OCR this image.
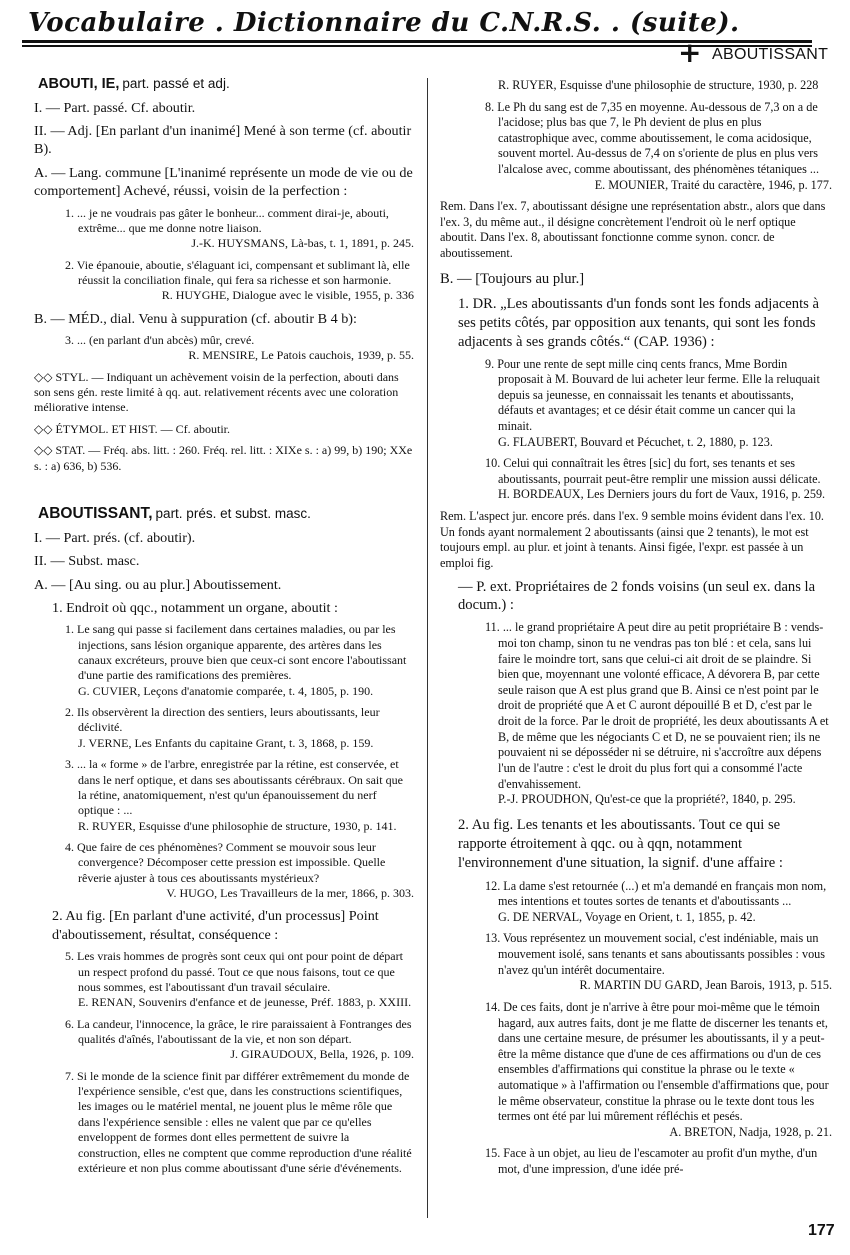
Vocabulaire . Dictionnaire du C.N.R.S. . (suite).
+ ABOUTISSANT
ABOUTI, IE, part. passé et adj.
I. — Part. passé. Cf. aboutir.
II. — Adj. [En parlant d'un inanimé] Mené à son terme (cf. aboutir B).
A. — Lang. commune [L'inanimé représente un mode de vie ou de comportement] Achevé, réussi, voisin de la perfection :
1. ... je ne voudrais pas gâter le bonheur... comment dirai-je, abouti, extrême... que me donne notre liaison.
J.-K. HUYSMANS, Là-bas, t. 1, 1891, p. 245.
2. Vie épanouie, aboutie, s'élaguant ici, compensant et sublimant là, elle réussit la conciliation finale, qui fera sa richesse et son harmonie.
R. HUYGHE, Dialogue avec le visible, 1955, p. 336
B. — MÉD., dial. Venu à suppuration (cf. aboutir B 4 b):
3. ... (en parlant d'un abcès) mûr, crevé.
R. MENSIRE, Le Patois cauchois, 1939, p. 55.
◇◇ STYL. — Indiquant un achèvement voisin de la perfection, abouti dans son sens gén. reste limité à qq. aut. relativement récents avec une coloration méliorative intense.
◇◇ ÉTYMOL. ET HIST. — Cf. aboutir.
◇◇ STAT. — Fréq. abs. litt. : 260. Fréq. rel. litt. : XIXe s. : a) 99, b) 190; XXe s. : a) 636, b) 536.
ABOUTISSANT, part. prés. et subst. masc.
I. — Part. prés. (cf. aboutir).
II. — Subst. masc.
A. — [Au sing. ou au plur.] Aboutissement.
1. Endroit où qqc., notamment un organe, aboutit :
1. Le sang qui passe si facilement dans certaines maladies, ou par les injections, sans lésion organique apparente, des artères dans les canaux excréteurs, prouve bien que ceux-ci sont encore l'aboutissant d'une partie des ramifications des premières.
G. CUVIER, Leçons d'anatomie comparée, t. 4, 1805, p. 190.
2. Ils observèrent la direction des sentiers, leurs aboutissants, leur déclivité.
J. VERNE, Les Enfants du capitaine Grant, t. 3, 1868, p. 159.
3. ... la « forme » de l'arbre, enregistrée par la rétine, est conservée, et dans le nerf optique, et dans ses aboutissants cérébraux. On sait que la rétine, anatomiquement, n'est qu'un épanouissement du nerf optique : ...
R. RUYER, Esquisse d'une philosophie de structure, 1930, p. 141.
4. Que faire de ces phénomènes? Comment se mouvoir sous leur convergence? Décomposer cette pression est impossible. Quelle rêverie ajuster à tous ces aboutissants mystérieux?
V. HUGO, Les Travailleurs de la mer, 1866, p. 303.
2. Au fig. [En parlant d'une activité, d'un processus] Point d'aboutissement, résultat, conséquence :
5. Les vrais hommes de progrès sont ceux qui ont pour point de départ un respect profond du passé. Tout ce que nous faisons, tout ce que nous sommes, est l'aboutissant d'un travail séculaire.
E. RENAN, Souvenirs d'enfance et de jeunesse, Préf. 1883, p. XXIII.
6. La candeur, l'innocence, la grâce, le rire paraissaient à Fontranges des qualités d'aînés, l'aboutissant de la vie, et non son départ.
J. GIRAUDOUX, Bella, 1926, p. 109.
7. Si le monde de la science finit par différer extrêmement du monde de l'expérience sensible, c'est que, dans les constructions scientifiques, les images ou le matériel mental, ne jouent plus le même rôle que dans l'expérience sensible : elles ne valent que par ce qu'elles enveloppent de formes dont elles permettent de suivre la construction, elles ne comptent que comme reproduction d'une réalité extérieure et non plus comme aboutissant d'une série d'événements.
R. RUYER, Esquisse d'une philosophie de structure, 1930, p. 228
8. Le Ph du sang est de 7,35 en moyenne. Au-dessous de 7,3 on a de l'acidose; plus bas que 7, le Ph devient de plus en plus catastrophique avec, comme aboutissement, le coma acidosique, souvent mortel. Au-dessus de 7,4 on s'oriente de plus en plus vers l'alcalose avec, comme aboutissant, des phénomènes tétaniques ...
E. MOUNIER, Traité du caractère, 1946, p. 177.
Rem. Dans l'ex. 7, aboutissant désigne une représentation abstr., alors que dans l'ex. 3, du même aut., il désigne concrètement l'endroit où le nerf optique aboutit. Dans l'ex. 8, aboutissant fonctionne comme synon. concr. de aboutissement.
B. — [Toujours au plur.]
1. DR. „Les aboutissants d'un fonds sont les fonds adjacents à ses petits côtés, par opposition aux tenants, qui sont les fonds adjacents à ses grands côtés.“ (CAP. 1936) :
9. Pour une rente de sept mille cinq cents francs, Mme Bordin proposait à M. Bouvard de lui acheter leur ferme. Elle la reluquait depuis sa jeunesse, en connaissait les tenants et aboutissants, défauts et avantages; et ce désir était comme un cancer qui la minait.
G. FLAUBERT, Bouvard et Pécuchet, t. 2, 1880, p. 123.
10. Celui qui connaîtrait les êtres [sic] du fort, ses tenants et ses aboutissants, pourrait peut-être remplir une mission aussi délicate.
H. BORDEAUX, Les Derniers jours du fort de Vaux, 1916, p. 259.
Rem. L'aspect jur. encore prés. dans l'ex. 9 semble moins évident dans l'ex. 10. Un fonds ayant normalement 2 aboutissants (ainsi que 2 tenants), le mot est toujours empl. au plur. et joint à tenants. Ainsi figée, l'expr. est passée à un emploi fig.
— P. ext. Propriétaires de 2 fonds voisins (un seul ex. dans la docum.) :
11. ... le grand propriétaire A peut dire au petit propriétaire B : vends-moi ton champ, sinon tu ne vendras pas ton blé : et cela, sans lui faire le moindre tort, sans que celui-ci ait droit de se plaindre. Si bien que, moyennant une volonté efficace, A dévorera B, par cette seule raison que A est plus grand que B. Ainsi ce n'est point par le droit de propriété que A et C auront dépouillé B et D, c'est par le droit de la force. Par le droit de propriété, les deux aboutissants A et B, de même que les négociants C et D, ne se pouvaient rien; ils ne pouvaient ni se déposséder ni se détruire, ni s'accroître aux dépens l'un de l'autre : c'est le droit du plus fort qui a consommé l'acte d'envahissement.
P.-J. PROUDHON, Qu'est-ce que la propriété?, 1840, p. 295.
2. Au fig. Les tenants et les aboutissants. Tout ce qui se rapporte étroitement à qqc. ou à qqn, notamment l'environnement d'une situation, la signif. d'une affaire :
12. La dame s'est retournée (...) et m'a demandé en français mon nom, mes intentions et toutes sortes de tenants et d'aboutissants ...
G. DE NERVAL, Voyage en Orient, t. 1, 1855, p. 42.
13. Vous représentez un mouvement social, c'est indéniable, mais un mouvement isolé, sans tenants et sans aboutissants possibles : vous n'avez qu'un intérêt documentaire.
R. MARTIN DU GARD, Jean Barois, 1913, p. 515.
14. De ces faits, dont je n'arrive à être pour moi-même que le témoin hagard, aux autres faits, dont je me flatte de discerner les tenants et, dans une certaine mesure, de présumer les aboutissants, il y a peut-être la même distance que d'une de ces affirmations ou d'un de ces ensembles d'affirmations qui constitue la phrase ou le texte « automatique » à l'affirmation ou l'ensemble d'affirmations que, pour le même observateur, constitue la phrase ou le texte dont tous les termes ont été par lui mûrement réfléchis et pesés.
A. BRETON, Nadja, 1928, p. 21.
15. Face à un objet, au lieu de l'escamoter au profit d'un mythe, d'un mot, d'une impression, d'une idée pré-
177
